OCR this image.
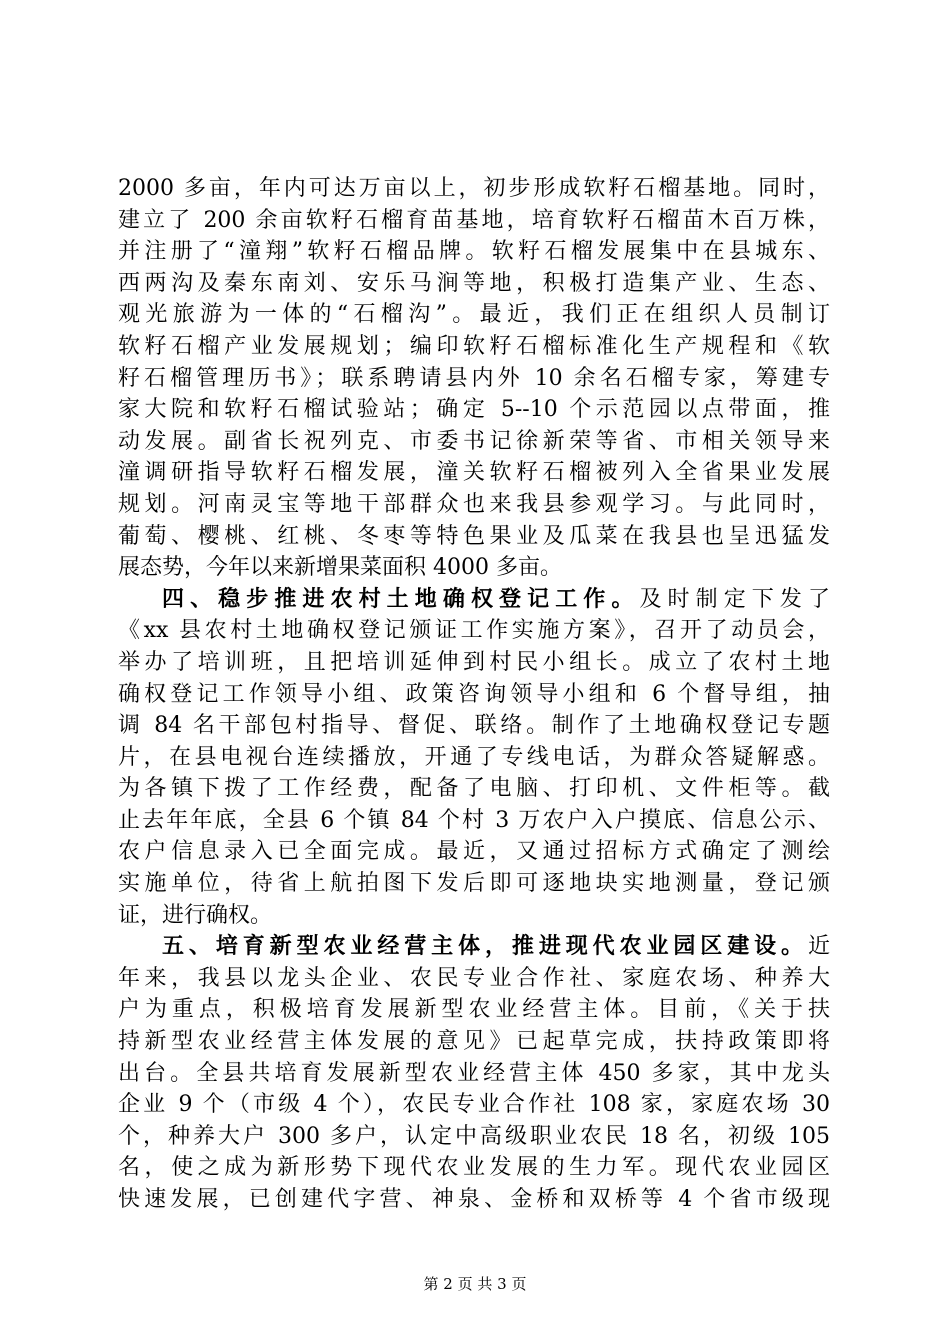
2000 多亩，年内可达万亩以上，初步形成软籽石榴基地。同时，
建立了 200 余亩软籽石榴育苗基地，培育软籽石榴苗木百万株，
并注册了“潼翔”软籽石榴品牌。软籽石榴发展集中在县城东、
西两沟及秦东南刘、安乐马涧等地，积极打造集产业、生态、
观光旅游为一体的“石榴沟”。最近，我们正在组织人员制订
软籽石榴产业发展规划；编印软籽石榴标准化生产规程和《软
籽石榴管理历书》；联系聘请县内外 10 余名石榴专家，筹建专
家大院和软籽石榴试验站；确定 5--10 个示范园以点带面，推
动发展。副省长祝列克、市委书记徐新荣等省、市相关领导来
潼调研指导软籽石榴发展，潼关软籽石榴被列入全省果业发展
规划。河南灵宝等地干部群众也来我县参观学习。与此同时，
葡萄、樱桃、红桃、冬枣等特色果业及瓜菜在我县也呈迅猛发
展态势，今年以来新增果菜面积 4000 多亩。
四、稳步推进农村土地确权登记工作。及时制定下发了
《xx 县农村土地确权登记颁证工作实施方案》，召开了动员会，
举办了培训班，且把培训延伸到村民小组长。成立了农村土地
确权登记工作领导小组、政策咨询领导小组和 6 个督导组，抽
调 84 名干部包村指导、督促、联络。制作了土地确权登记专题
片，在县电视台连续播放，开通了专线电话，为群众答疑解惑。
为各镇下拨了工作经费，配备了电脑、打印机、文件柜等。截
止去年年底，全县 6 个镇 84 个村 3 万农户入户摸底、信息公示、
农户信息录入已全面完成。最近，又通过招标方式确定了测绘
实施单位，待省上航拍图下发后即可逐地块实地测量，登记颁
证，进行确权。
五、培育新型农业经营主体，推进现代农业园区建设。近
年来，我县以龙头企业、农民专业合作社、家庭农场、种养大
户为重点，积极培育发展新型农业经营主体。目前，《关于扶
持新型农业经营主体发展的意见》已起草完成，扶持政策即将
出台。全县共培育发展新型农业经营主体 450 多家，其中龙头
企业 9 个（市级 4 个），农民专业合作社 108 家，家庭农场 30
个，种养大户 300 多户，认定中高级职业农民 18 名，初级 105
名，使之成为新形势下现代农业发展的生力军。现代农业园区
快速发展，已创建代字营、神泉、金桥和双桥等 4 个省市级现
第 2 页 共 3 页
